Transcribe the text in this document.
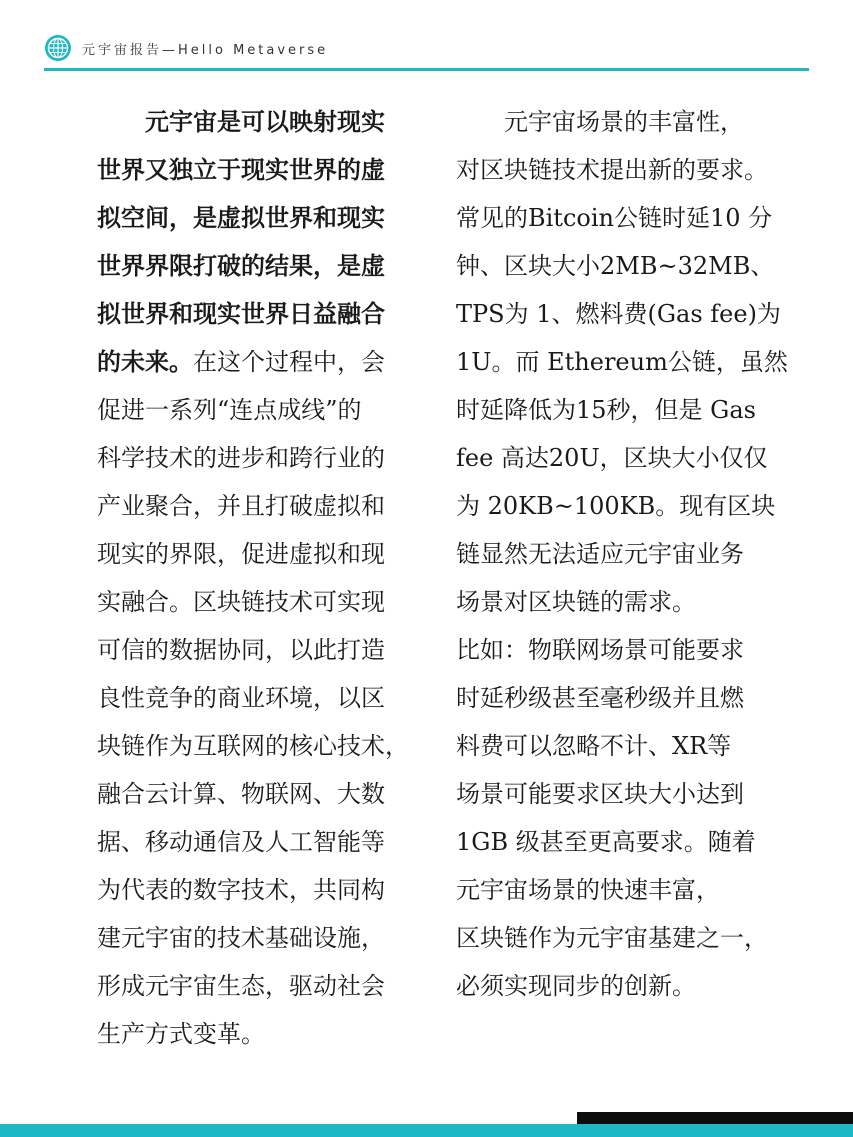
元宇宙报告—Hello Metaverse

　　元宇宙是可以映射现实
世界又独立于现实世界的虚
拟空间，是虚拟世界和现实
世界界限打破的结果，是虚
拟世界和现实世界日益融合
的未来。在这个过程中，会
促进一系列“连点成线”的
科学技术的进步和跨行业的
产业聚合，并且打破虚拟和
现实的界限，促进虚拟和现
实融合。区块链技术可实现
可信的数据协同，以此打造
良性竞争的商业环境，以区
块链作为互联网的核心技术，
融合云计算、物联网、大数
据、移动通信及人工智能等
为代表的数字技术，共同构
建元宇宙的技术基础设施，
形成元宇宙生态，驱动社会
生产方式变革。

　　元宇宙场景的丰富性，
对区块链技术提出新的要求。
常见的Bitcoin公链时延10 分
钟、区块大小2MB~32MB、
TPS为 1、燃料费(Gas fee)为
1U。而 Ethereum公链，虽然
时延降低为15秒，但是 Gas
fee 高达20U，区块大小仅仅
为 20KB~100KB。现有区块
链显然无法适应元宇宙业务
场景对区块链的需求。

比如：物联网场景可能要求
时延秒级甚至毫秒级并且燃
料费可以忽略不计、XR等
场景可能要求区块大小达到
1GB 级甚至更高要求。随着
元宇宙场景的快速丰富，
区块链作为元宇宙基建之一，
必须实现同步的创新。
